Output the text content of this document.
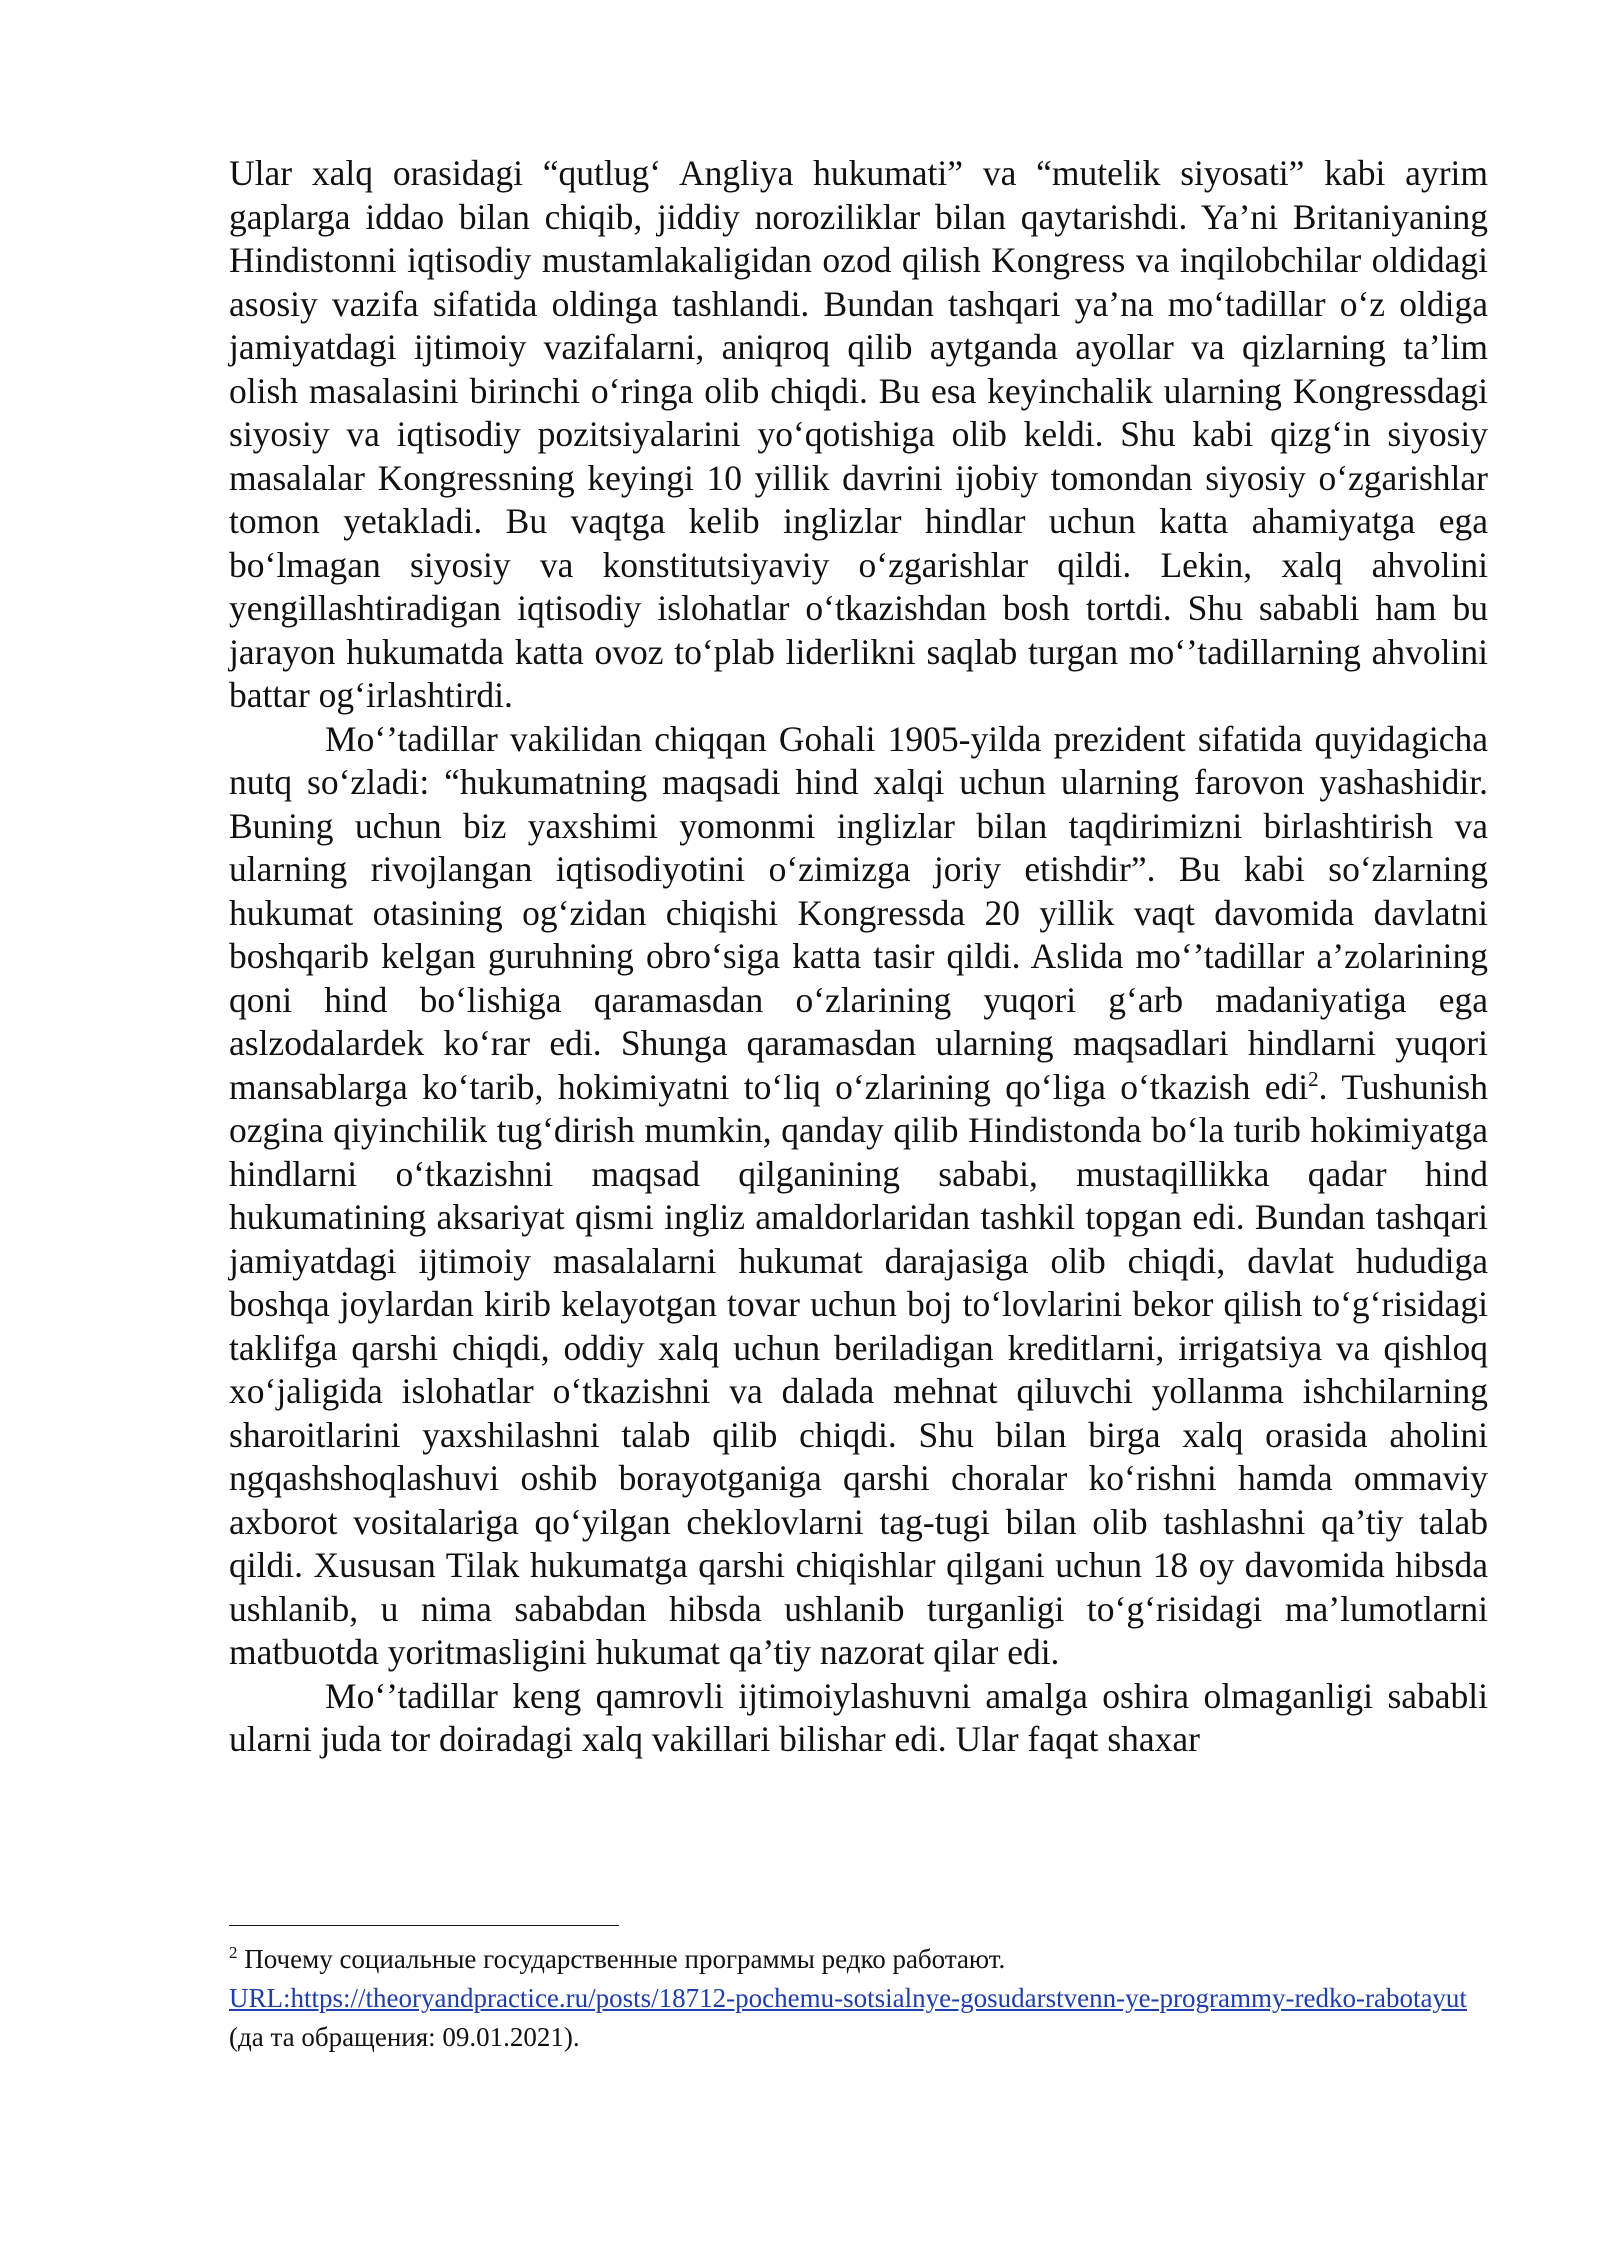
Ular xalq orasidagi “qutlug‘ Angliya hukumati” va “mutelik siyosati” kabi ayrim gaplarga iddao bilan chiqib, jiddiy noroziliklar bilan qaytarishdi. Ya’ni Britaniyaning Hindistonni iqtisodiy mustamlakaligidan ozod qilish Kongress va inqilobchilar oldidagi asosiy vazifa sifatida oldinga tashlandi. Bundan tashqari ya’na mo‘tadillar o‘z oldiga jamiyatdagi ijtimoiy vazifalarni, aniqroq qilib aytganda ayollar va qizlarning ta’lim olish masalasini birinchi o‘ringa olib chiqdi. Bu esa keyinchalik ularning Kongressdagi siyosiy va iqtisodiy pozitsiyalarini yo‘qotishiga olib keldi. Shu kabi qizg‘in siyosiy masalalar Kongressning keyingi 10 yillik davrini ijobiy tomondan siyosiy o‘zgarishlar tomon yetakladi. Bu vaqtga kelib inglizlar hindlar uchun katta ahamiyatga ega bo‘lmagan siyosiy va konstitutsiyaviy o‘zgarishlar qildi. Lekin, xalq ahvolini yengillashtiradigan iqtisodiy islohatlar o‘tkazishdan bosh tortdi. Shu sababli ham bu jarayon hukumatda katta ovoz to‘plab liderlikni saqlab turgan mo‘’tadillarning ahvolini battar og‘irlashtirdi.

Mo‘’tadillar vakilidan chiqqan Gohali 1905-yilda prezident sifatida quyidagicha nutq so‘zladi: “hukumatning maqsadi hind xalqi uchun ularning farovon yashashidir. Buning uchun biz yaxshimi yomonmi inglizlar bilan taqdirimizni birlashtirish va ularning rivojlangan iqtisodiyotini o‘zimizga joriy etishdir”. Bu kabi so‘zlarning hukumat otasining og‘zidan chiqishi Kongressda 20 yillik vaqt davomida davlatni boshqarib kelgan guruhning obro‘siga katta tasir qildi. Aslida mo‘’tadillar a’zolarining qoni hind bo‘lishiga qaramasdan o‘zlarining yuqori g‘arb madaniyatiga ega aslzodalardek ko‘rar edi. Shunga qaramasdan ularning maqsadlari hindlarni yuqori mansablarga ko‘tarib, hokimiyatni to‘liq o‘zlarining qo‘liga o‘tkazish edi$^2$. Tushunish ozgina qiyinchilik tug‘dirish mumkin, qanday qilib Hindistonda bo‘la turib hokimiyatga hindlarni o‘tkazishni maqsad qilganining sababi, mustaqillikka qadar hind hukumatining aksariyat qismi ingliz amaldorlaridan tashkil topgan edi. Bundan tashqari jamiyatdagi ijtimoiy masalalarni hukumat darajasiga olib chiqdi, davlat hududiga boshqa joylardan kirib kelayotgan tovar uchun boj to‘lovlarini bekor qilish to‘g‘risidagi taklifga qarshi chiqdi, oddiy xalq uchun beriladigan kreditlarni, irrigatsiya va qishloq xo‘jaligida islohatlar o‘tkazishni va dalada mehnat qiluvchi yollanma ishchilarning sharoitlarini yaxshilashni talab qilib chiqdi. Shu bilan birga xalq orasida aholini ngqashshoqlashuvi oshib borayotganiga qarshi choralar ko‘rishni hamda ommaviy axborot vositalariga qo‘yilgan cheklovlarni tag-tugi bilan olib tashlashni qa’tiy talab qildi. Xususan Tilak hukumatga qarshi chiqishlar qilgani uchun 18 oy davomida hibsda ushlanib, u nima sababdan hibsda ushlanib turganligi to‘g‘risidagi ma’lumotlarni matbuotda yoritmasligini hukumat qa’tiy nazorat qilar edi.

Mo‘’tadillar keng qamrovli ijtimoiylashuvni amalga oshira olmaganligi sababli ularni juda tor doiradagi xalq vakillari bilishar edi. Ular faqat shaxar

$^2$ Почему социальные государственные программы редко работают. URL:https://theoryandpractice.ru/posts/18712-pochemu-sotsialnye-gosudarstvenn-ye-programmy-redko-rabotayut (да та обращения: 09.01.2021).
